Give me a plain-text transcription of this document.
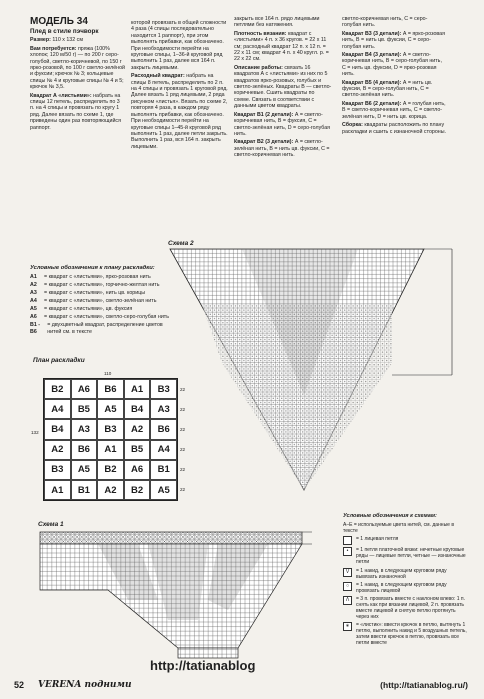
МОДЕЛЬ 34

Плед в стиле пэчворк

Размер: 110 х 132 см

Вам потребуется: пряжа (100% хлопок; 120 м/50 г) — по 200 г серо-голубой, светло-коричневой, по 150 г ярко-розовой, по 100 г светло-зелёной и фуксии; крючок № 3; кольцевые спицы № 4 и круговые спицы № 4 и 5; крючок № 3,5.

Квадрат А «листьями»: набрать на спицы 12 петель, распределить по 3 п. на 4 спицы и провязать по кругу 1 ряд. Далее вязать по схеме 1, где приведены один раз повторяющийся раппорт.

которой провязать в общей сложности 4 раза (4 спицы последовательно находится 1 раппорт), при этом выполнять прибавки, как обозначено. При необходимости перейти на круговые спицы, 1–36-й круговой ряд выполнить 1 раз, далее вся 164 п. закрыть лицевыми.

Расходный квадрат: набрать на спицы 8 петель, распределить по 2 п. на 4 спицы и провязать 1 круговой ряд. Далее вязать 1 ряд лицевыми, 2 ряда рисунком «листья». Вязать по схеме 2, повторяя 4 раза, в каждом ряду выполнять прибавки, как обозначено. При необходимости перейти на круговые спицы 1–45-й круговой ряд выполнить 1 раз, далее петли закрыть. Выполнить 1 раз, вся 164 п. закрыть лицевыми.

закрыть все 164 п. рядо лицевыми петлями без натяжения.

Плотность вязания: квадрат с «листьями» 4 п. х 36 кругов. = 22 х 11 см; расходный квадрат 12 п. х 12 п. = 22 х 11 см; квадрат 4 п. х 40 кругл. р. = 22 х 22 см.

Описание работы: связать 16 квадратов А с «листьями» из них по 5 квадратов ярко-розовых, голубых и светло-зелёных. Квадраты В — светло-коричневые. Сшить квадраты по схеме. Связать в соответствии с данными цветом квадраты.

Квадрат В1 (2 детали): А = светло-коричневая нить, В = фуксия, С = светло-зелёная нить, D = серо-голубая нить.

Квадрат В2 (3 детали): А = светло-зелёная нить, В = нить цв. фуксии, С = светло-коричневая нить.

светло-коричневая нить, С = серо-голубая нить.

Квадрат В3 (3 детали): А = ярко-розовая нить, В = нить цв. фуксии, С = серо-голубая нить.

Квадрат В4 (3 детали): А = светло-коричневая нить, В = серо-голубая нить, С = нить цв. фуксии, D = ярко-розовая нить.

Квадрат В5 (4 детали): А = нить цв. фуксии, В = серо-голубая нить, С = светло-зелёная нить.

Квадрат В6 (2 детали): А = голубая нить, В = светло-коричневая нить, С = светло-зелёная нить, D = нить цв. корица.

Сборка: квадраты расположить по плану раскладки и сшить с изнаночной стороны.

Схема 2
Условные обозначения к плану раскладки:
A1	= квадрат с «листьями», ярко-розовая нить
A2	= квадрат с «листьями», горчично-желтая нить
A3	= квадрат с «листьями», нить цв. корицы
A4	= квадрат с «листьями», светло-зелёная нить
A5	= квадрат с «листьями», цв. фуксия
A6	= квадрат с «листьями», светло-серо-голубая нить
B1 - B6
= двухцветный квадрат, распределение цветов нитей см. в тексте
План раскладки
110
132
B2	A6	B6	A1	B3
A4	B5	A5	B4	A3
B4	A3	B3	A2	B6
A2	B6	A1	B5	A4
B3	A5	B2	A6	B1
A1	B1	A2	B2	A5
22
22
22
22
22
22
Схема 1
Условные обозначения к схемам:
А–Е = используемые цвета нитей, см. данные в тексте
= 1 лицевая петля
•	= 1 петля платочной вязки: нечетные круговые ряды — лицевые петли, четные — изнаночные петли
V	= 1 накид, в следующем круговом ряду вывязать изнаночной
○	= 1 накид, в следующем круговом ряду провязать лицевой
Λ	= 3 п. провязать вместе с наклоном влево: 1 п. снять как при вязании лицевой, 2 п. провязать вместе лицевой и снятую петлю протянуть через них
∗	= «листик»: ввести крючок в петлю, вытянуть 1 петлю, выполнить накид и 5 воздушных петель, затем ввести крючок в петлю, провязать все петли вместе
52 VERENA подними
http://tatianablog
(http://tatianablog.ru/)
